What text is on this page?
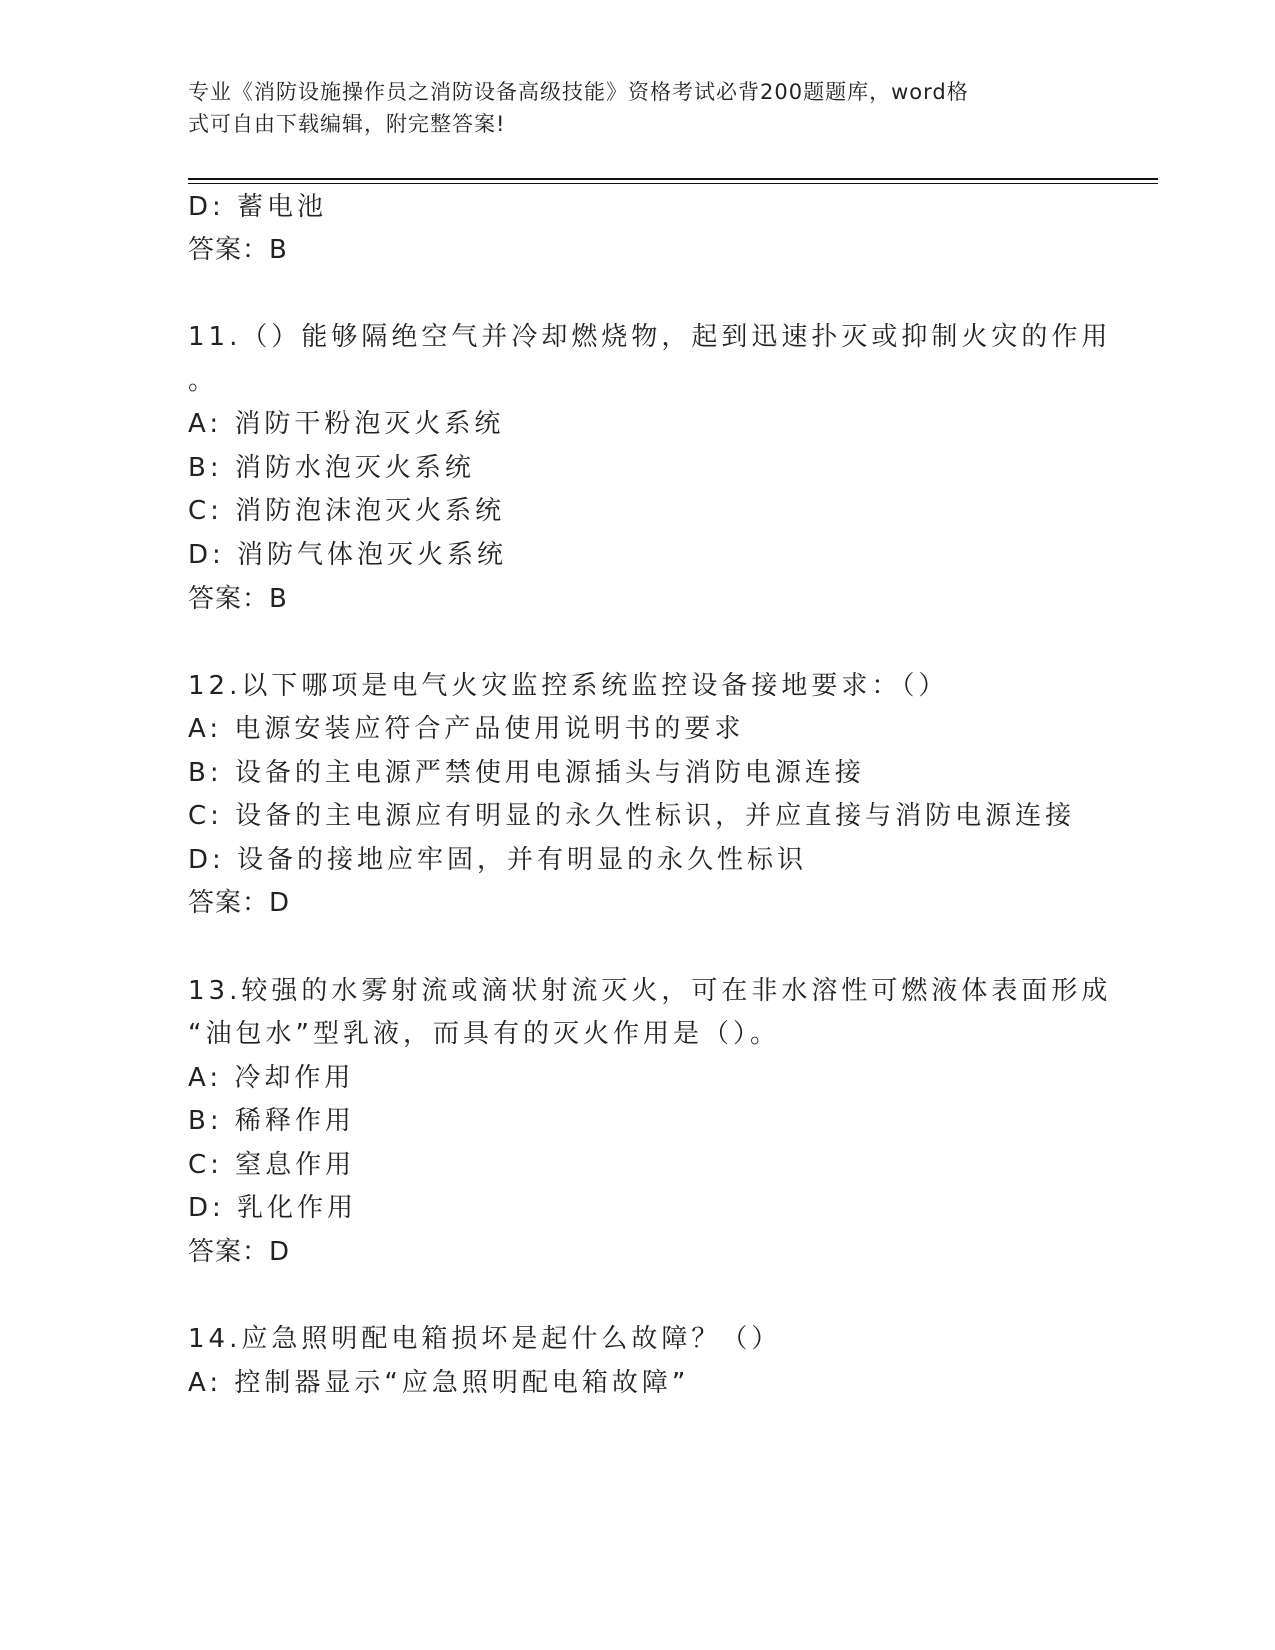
专业《消防设施操作员之消防设备高级技能》资格考试必背200题题库，word格
式可自由下载编辑，附完整答案!
D: 蓄电池
答案：B
11.（）能够隔绝空气并冷却燃烧物，起到迅速扑灭或抑制火灾的作用
。
A: 消防干粉泡灭火系统
B: 消防水泡灭火系统
C: 消防泡沫泡灭火系统
D: 消防气体泡灭火系统
答案：B
12.以下哪项是电气火灾监控系统监控设备接地要求：（）
A: 电源安装应符合产品使用说明书的要求
B: 设备的主电源严禁使用电源插头与消防电源连接
C: 设备的主电源应有明显的永久性标识，并应直接与消防电源连接
D: 设备的接地应牢固，并有明显的永久性标识
答案：D
13.较强的水雾射流或滴状射流灭火，可在非水溶性可燃液体表面形成
“油包水”型乳液，而具有的灭火作用是（）。
A: 冷却作用
B: 稀释作用
C: 窒息作用
D: 乳化作用
答案：D
14.应急照明配电箱损坏是起什么故障？（）
A: 控制器显示“应急照明配电箱故障”
